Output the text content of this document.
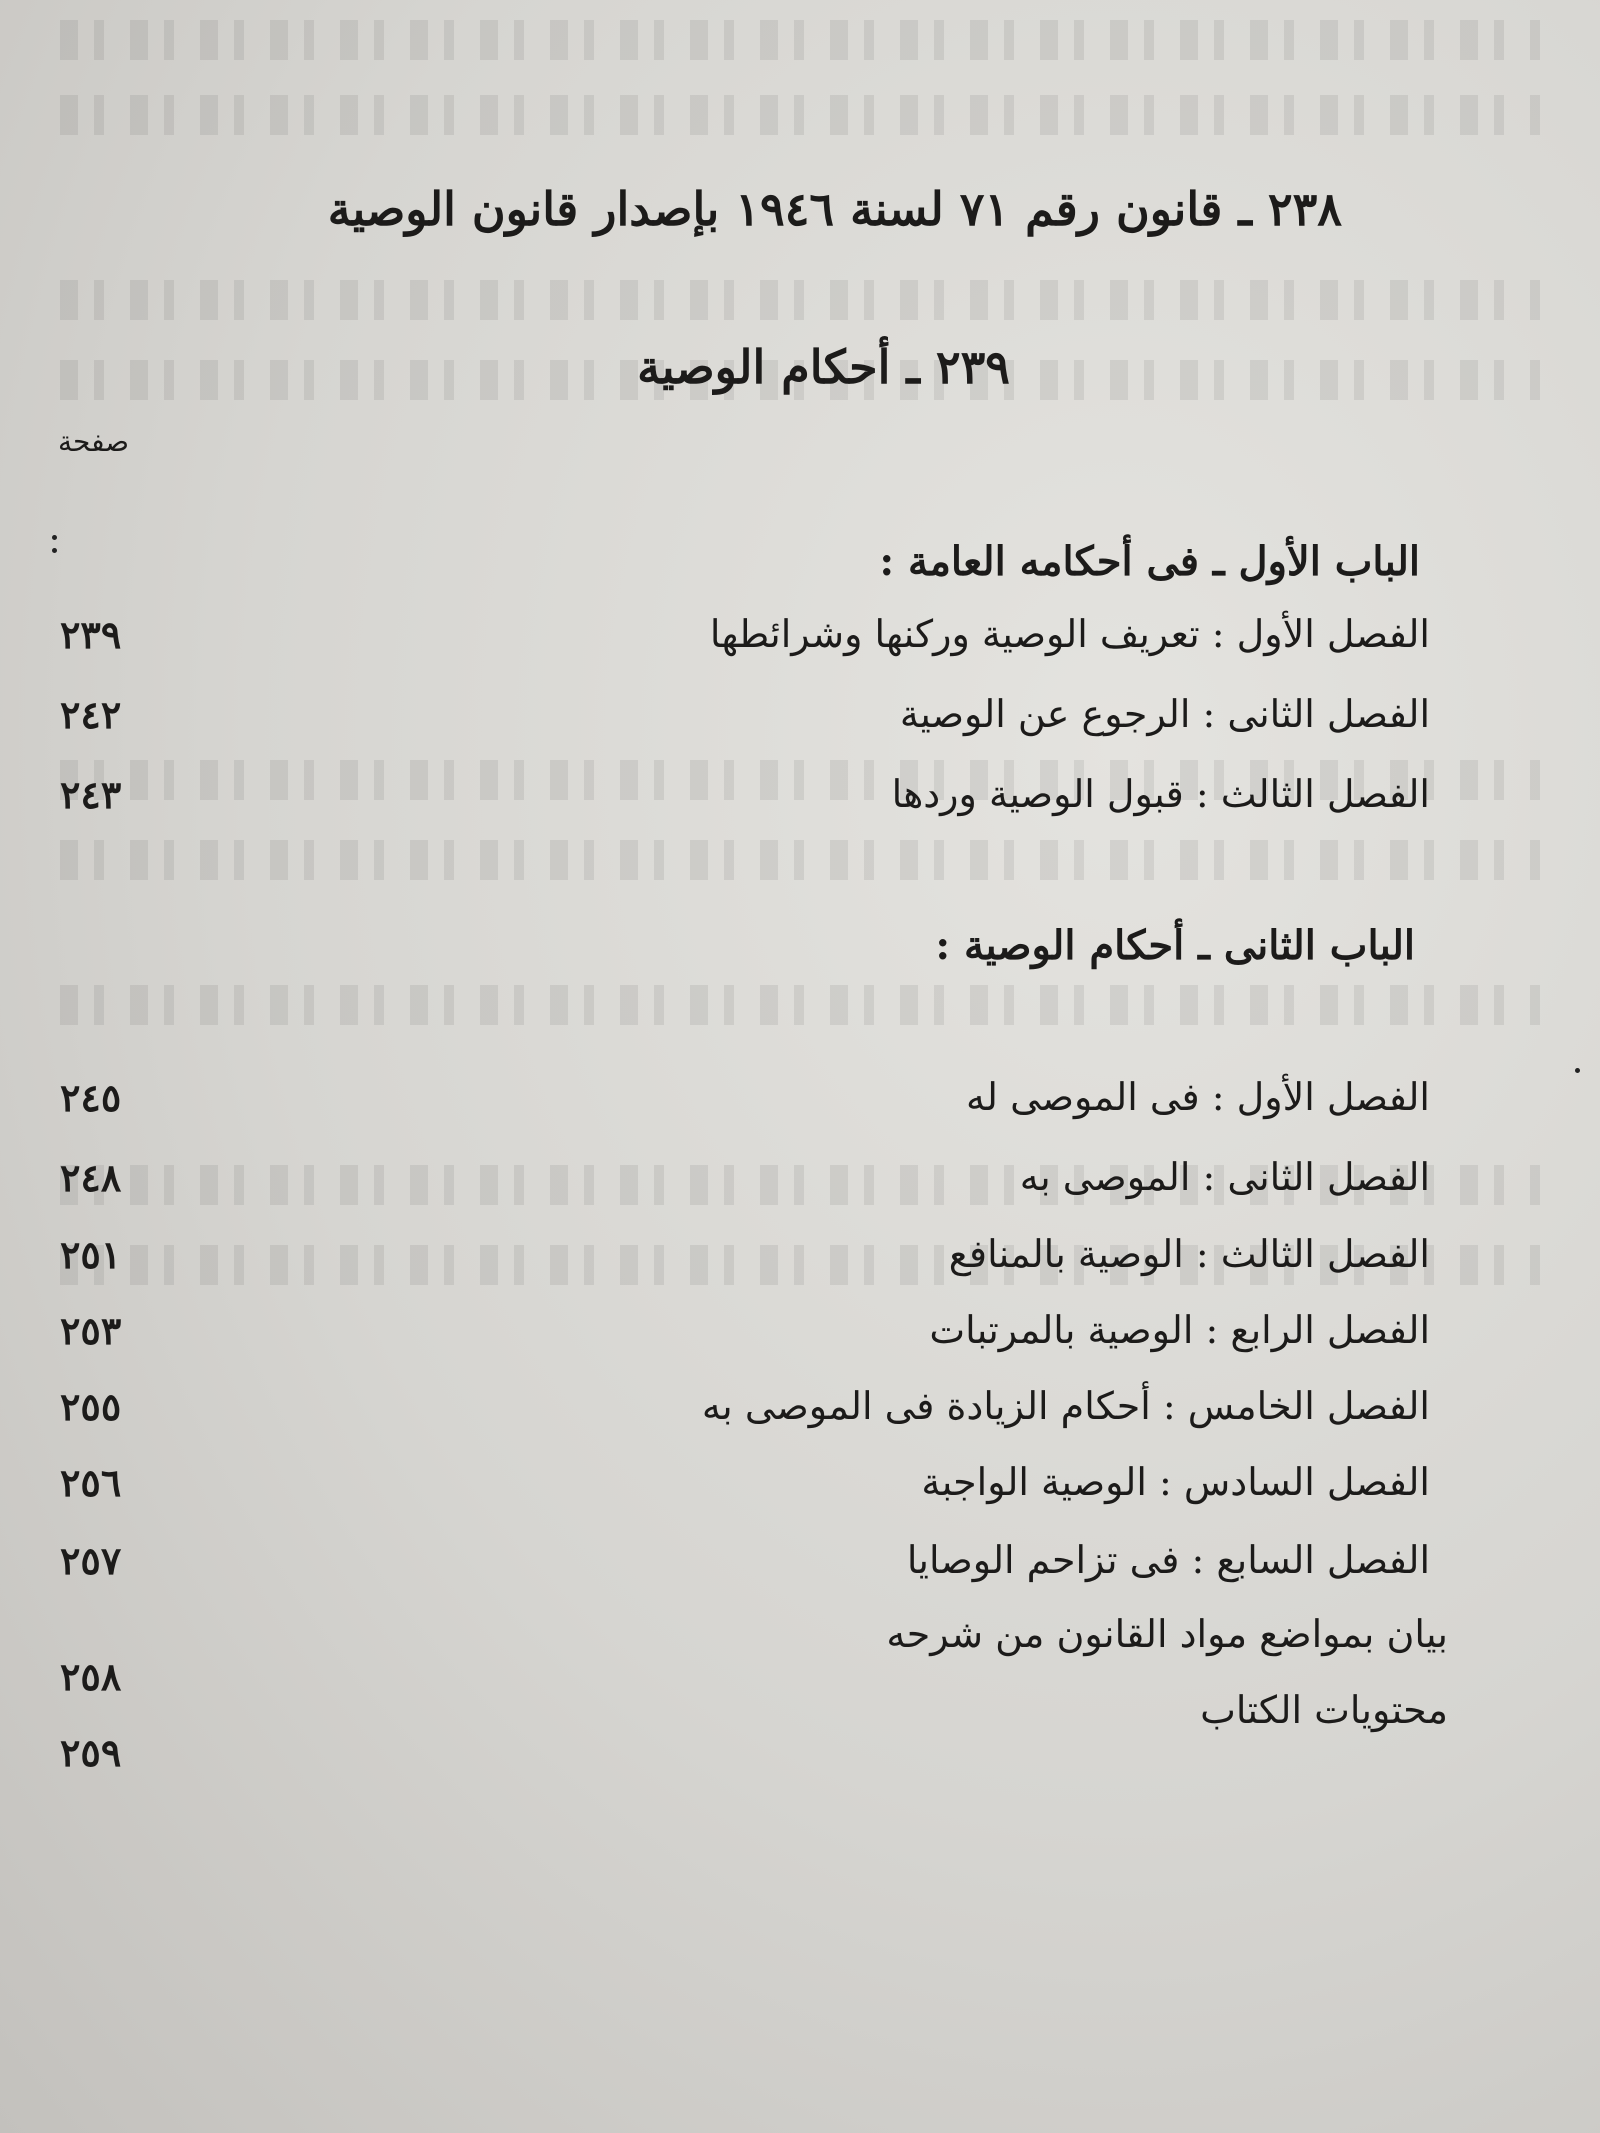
٢٣٨ ـ قانون رقم ٧١ لسنة ١٩٤٦ بإصدار قانون الوصية
٢٣٩ ـ أحكام الوصية
صفحة
الباب الأول ـ فى أحكامه العامة :
الفصل الأول : تعريف الوصية وركنها وشرائطها
٢٣٩
الفصل الثانى : الرجوع عن الوصية
٢٤٢
الفصل الثالث : قبول الوصية وردها
٢٤٣
الباب الثانى ـ أحكام الوصية :
الفصل الأول : فى الموصى له
٢٤٥
الفصل الثانى : الموصى به
٢٤٨
الفصل الثالث : الوصية بالمنافع
٢٥١
الفصل الرابع : الوصية بالمرتبات
٢٥٣
الفصل الخامس : أحكام الزيادة فى الموصى به
٢٥٥
الفصل السادس : الوصية الواجبة
٢٥٦
الفصل السابع : فى تزاحم الوصايا
٢٥٧
بيان بمواضع مواد القانون من شرحه
٢٥٨
محتويات الكتاب
٢٥٩
